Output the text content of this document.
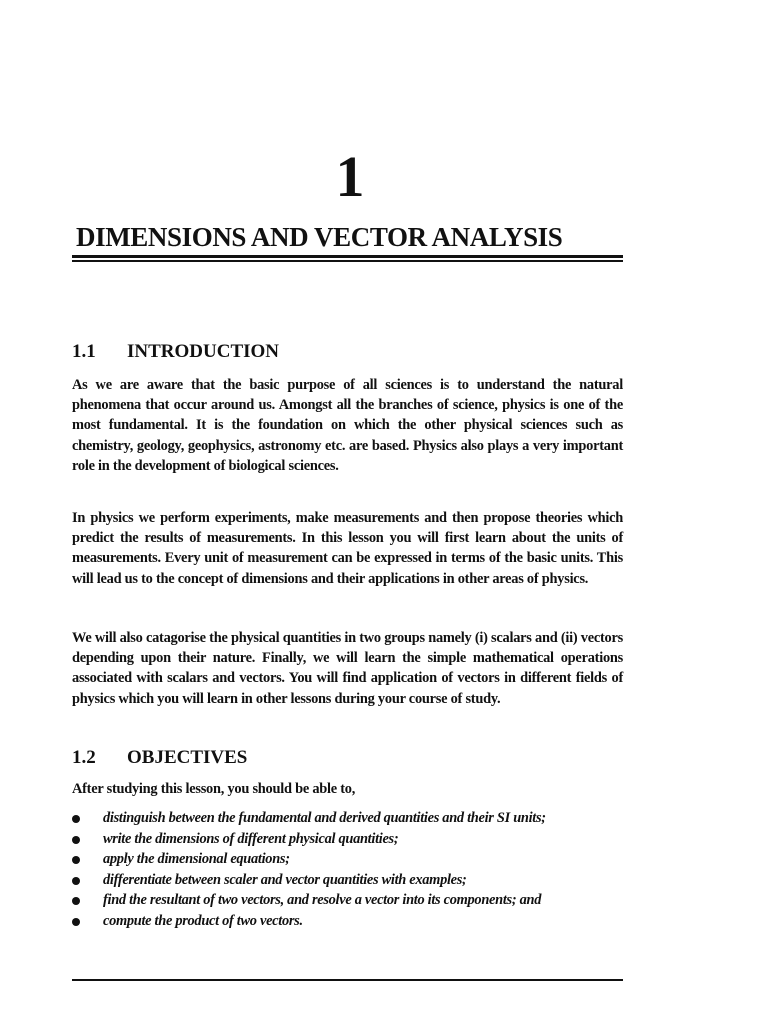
1
DIMENSIONS AND VECTOR ANALYSIS
1.1 INTRODUCTION

As we are aware that the basic purpose of all sciences is to understand the natural phenomena that occur around us. Amongst all the branches of science, physics is one of the most fundamental. It is the foundation on which the other physical sciences such as chemistry, geology, geophysics, astronomy etc. are based. Physics also plays a very important role in the development of biological sciences.

In physics we perform experiments, make measurements and then propose theories which predict the results of measurements. In this lesson you will first learn about the units of measurements. Every unit of measurement can be expressed in terms of the basic units. This will lead us to the concept of dimensions and their applications in other areas of physics.

We will also catagorise the physical quantities in two groups namely (i) scalars and (ii) vectors depending upon their nature. Finally, we will learn the simple mathematical operations associated with scalars and vectors. You will find application of vectors in different fields of physics which you will learn in other lessons during your course of study.

1.2 OBJECTIVES

After studying this lesson, you should be able to,

distinguish between the fundamental and derived quantities and their SI units;
write the dimensions of different physical quantities;
apply the dimensional equations;
differentiate between scaler and vector quantities with examples;
find the resultant of two vectors, and resolve a vector into its components; and
compute the product of two vectors.
